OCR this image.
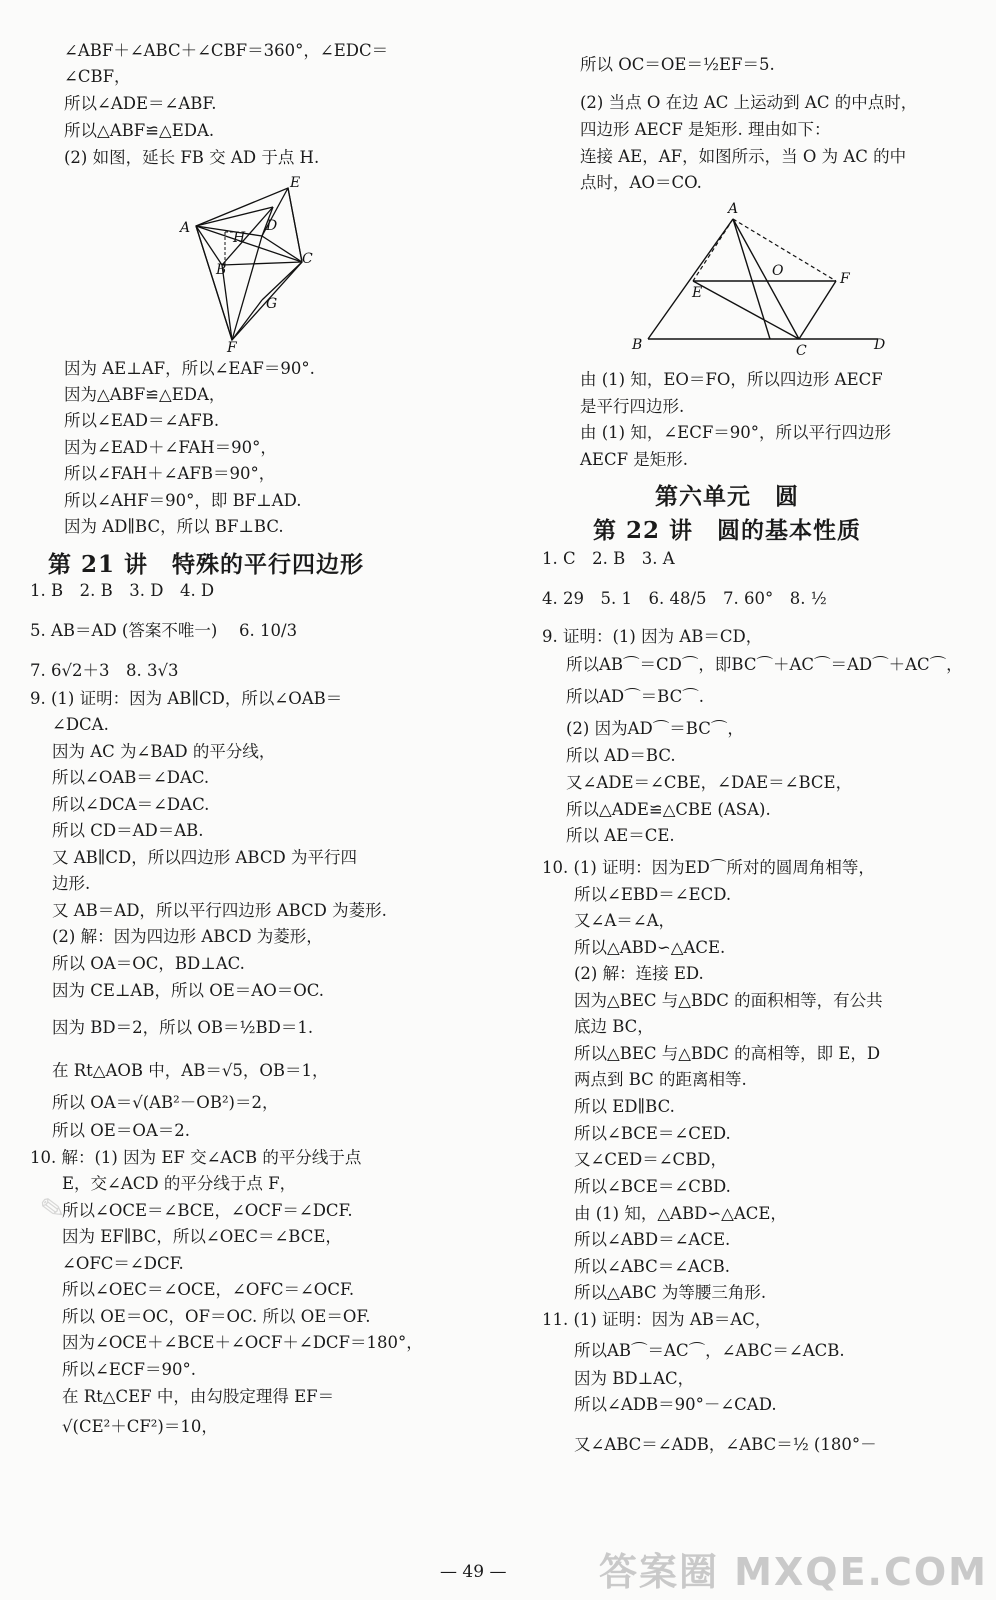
∠ABF＋∠ABC＋∠CBF＝360°，∠EDC＝
∠CBF，
所以∠ADE＝∠ABF.
所以△ABF≌△EDA.
(2) 如图，延长 FB 交 AD 于点 H.
E
A
H
D
B
C
G
F
因为 AE⊥AF，所以∠EAF＝90°.
因为△ABF≌△EDA，
所以∠EAD＝∠AFB.
因为∠EAD＋∠FAH＝90°，
所以∠FAH＋∠AFB＝90°，
所以∠AHF＝90°，即 BF⊥AD.
因为 AD∥BC，所以 BF⊥BC.
第 21 讲　特殊的平行四边形
1. B　2. B　3. D　4. D
5. AB＝AD (答案不唯一)　 6. 10/3
7. 6√2＋3　8. 3√3
9. (1) 证明：因为 AB∥CD，所以∠OAB＝
∠DCA.
因为 AC 为∠BAD 的平分线，
所以∠OAB＝∠DAC.
所以∠DCA＝∠DAC.
所以 CD＝AD＝AB.
又 AB∥CD，所以四边形 ABCD 为平行四
边形.
又 AB＝AD，所以平行四边形 ABCD 为菱形.
(2) 解：因为四边形 ABCD 为菱形，
所以 OA＝OC，BD⊥AC.
因为 CE⊥AB，所以 OE＝AO＝OC.
因为 BD＝2，所以 OB＝½BD＝1.
在 Rt△AOB 中，AB＝√5，OB＝1，
所以 OA＝√(AB²－OB²)＝2，
所以 OE＝OA＝2.
10. 解：(1) 因为 EF 交∠ACB 的平分线于点
E，交∠ACD 的平分线于点 F，
所以∠OCE＝∠BCE，∠OCF＝∠DCF.
因为 EF∥BC，所以∠OEC＝∠BCE，
∠OFC＝∠DCF.
所以∠OEC＝∠OCE，∠OFC＝∠OCF.
所以 OE＝OC，OF＝OC. 所以 OE＝OF.
因为∠OCE＋∠BCE＋∠OCF＋∠DCF＝180°，
所以∠ECF＝90°.
在 Rt△CEF 中，由勾股定理得 EF＝
√(CE²＋CF²)＝10，
所以 OC＝OE＝½EF＝5.
(2) 当点 O 在边 AC 上运动到 AC 的中点时，
四边形 AECF 是矩形. 理由如下：
连接 AE，AF，如图所示，当 O 为 AC 的中
点时，AO＝CO.
A
O	F
E
B	C	D
由 (1) 知，EO＝FO，所以四边形 AECF
是平行四边形.
由 (1) 知，∠ECF＝90°，所以平行四边形
AECF 是矩形.
第六单元　圆
第 22 讲　圆的基本性质
1. C　2. B　3. A
4. 29　5. 1　6. 48/5　7. 60°　8. ½
9. 证明：(1) 因为 AB＝CD，
所以AB⌒＝CD⌒，即BC⌒＋AC⌒＝AD⌒＋AC⌒，
所以AD⌒＝BC⌒.
(2) 因为AD⌒＝BC⌒，
所以 AD＝BC.
又∠ADE＝∠CBE，∠DAE＝∠BCE，
所以△ADE≌△CBE (ASA).
所以 AE＝CE.
10. (1) 证明：因为ED⌒所对的圆周角相等，
所以∠EBD＝∠ECD.
又∠A＝∠A，
所以△ABD∽△ACE.
(2) 解：连接 ED.
因为△BEC 与△BDC 的面积相等，有公共
底边 BC，
所以△BEC 与△BDC 的高相等，即 E，D
两点到 BC 的距离相等.
所以 ED∥BC.
所以∠BCE＝∠CED.
又∠CED＝∠CBD，
所以∠BCE＝∠CBD.
由 (1) 知，△ABD∽△ACE，
所以∠ABD＝∠ACE.
所以∠ABC＝∠ACB.
所以△ABC 为等腰三角形.
11. (1) 证明：因为 AB＝AC，
所以AB⌒＝AC⌒，∠ABC＝∠ACB.
因为 BD⊥AC，
所以∠ADB＝90°－∠CAD.
又∠ABC＝∠ADB，∠ABC＝½ (180°－
✎
— 49 — 答案圈 MXQE.COM
